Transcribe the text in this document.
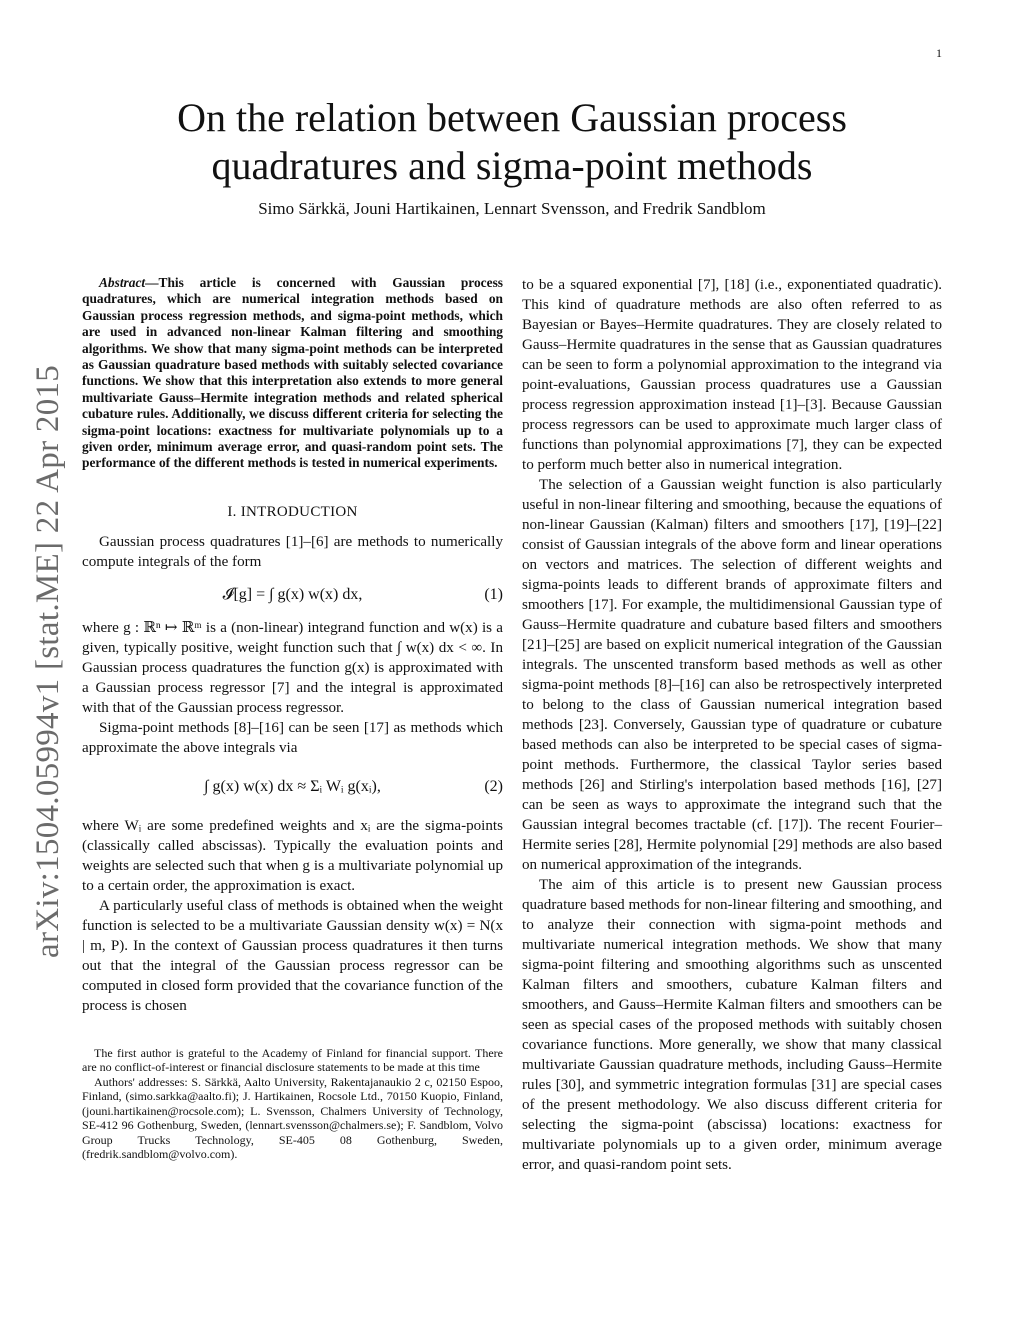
1
arXiv:1504.05994v1 [stat.ME] 22 Apr 2015
On the relation between Gaussian process
quadratures and sigma-point methods
Simo Särkkä, Jouni Hartikainen, Lennart Svensson, and Fredrik Sandblom

Abstract—This article is concerned with Gaussian process quadratures, which are numerical integration methods based on Gaussian process regression methods, and sigma-point methods, which are used in advanced non-linear Kalman filtering and smoothing algorithms. We show that many sigma-point methods can be interpreted as Gaussian quadrature based methods with suitably selected covariance functions. We show that this interpretation also extends to more general multivariate Gauss–Hermite integration methods and related spherical cubature rules. Additionally, we discuss different criteria for selecting the sigma-point locations: exactness for multivariate polynomials up to a given order, minimum average error, and quasi-random point sets. The performance of the different methods is tested in numerical experiments.

I. INTRODUCTION

Gaussian process quadratures [1]–[6] are methods to numerically compute integrals of the form

𝓘[g] = ∫ g(x) w(x) dx,	(1)

where g : ℝⁿ ↦ ℝᵐ is a (non-linear) integrand function and w(x) is a given, typically positive, weight function such that ∫ w(x) dx < ∞. In Gaussian process quadratures the function g(x) is approximated with a Gaussian process regressor [7] and the integral is approximated with that of the Gaussian process regressor.

Sigma-point methods [8]–[16] can be seen [17] as methods which approximate the above integrals via

∫ g(x) w(x) dx ≈ Σᵢ Wᵢ g(xᵢ),	(2)

where Wᵢ are some predefined weights and xᵢ are the sigma-points (classically called abscissas). Typically the evaluation points and weights are selected such that when g is a multivariate polynomial up to a certain order, the approximation is exact.

A particularly useful class of methods is obtained when the weight function is selected to be a multivariate Gaussian density w(x) = N(x | m, P). In the context of Gaussian process quadratures it then turns out that the integral of the Gaussian process regressor can be computed in closed form provided that the covariance function of the process is chosen

The first author is grateful to the Academy of Finland for financial support. There are no conflict-of-interest or financial disclosure statements to be made at this time

Authors' addresses: S. Särkkä, Aalto University, Rakentajanaukio 2 c, 02150 Espoo, Finland, (simo.sarkka@aalto.fi); J. Hartikainen, Rocsole Ltd., 70150 Kuopio, Finland, (jouni.hartikainen@rocsole.com); L. Svensson, Chalmers University of Technology, SE-412 96 Gothenburg, Sweden, (lennart.svensson@chalmers.se); F. Sandblom, Volvo Group Trucks Technology, SE-405 08 Gothenburg, Sweden, (fredrik.sandblom@volvo.com).

to be a squared exponential [7], [18] (i.e., exponentiated quadratic). This kind of quadrature methods are also often referred to as Bayesian or Bayes–Hermite quadratures. They are closely related to Gauss–Hermite quadratures in the sense that as Gaussian quadratures can be seen to form a polynomial approximation to the integrand via point-evaluations, Gaussian process quadratures use a Gaussian process regression approximation instead [1]–[3]. Because Gaussian process regressors can be used to approximate much larger class of functions than polynomial approximations [7], they can be expected to perform much better also in numerical integration.

The selection of a Gaussian weight function is also particularly useful in non-linear filtering and smoothing, because the equations of non-linear Gaussian (Kalman) filters and smoothers [17], [19]–[22] consist of Gaussian integrals of the above form and linear operations on vectors and matrices. The selection of different weights and sigma-points leads to different brands of approximate filters and smoothers [17]. For example, the multidimensional Gaussian type of Gauss–Hermite quadrature and cubature based filters and smoothers [21]–[25] are based on explicit numerical integration of the Gaussian integrals. The unscented transform based methods as well as other sigma-point methods [8]–[16] can also be retrospectively interpreted to belong to the class of Gaussian numerical integration based methods [23]. Conversely, Gaussian type of quadrature or cubature based methods can also be interpreted to be special cases of sigma-point methods. Furthermore, the classical Taylor series based methods [26] and Stirling's interpolation based methods [16], [27] can be seen as ways to approximate the integrand such that the Gaussian integral becomes tractable (cf. [17]). The recent Fourier–Hermite series [28], Hermite polynomial [29] methods are also based on numerical approximation of the integrands.

The aim of this article is to present new Gaussian process quadrature based methods for non-linear filtering and smoothing, and to analyze their connection with sigma-point methods and multivariate numerical integration methods. We show that many sigma-point filtering and smoothing algorithms such as unscented Kalman filters and smoothers, cubature Kalman filters and smoothers, and Gauss–Hermite Kalman filters and smoothers can be seen as special cases of the proposed methods with suitably chosen covariance functions. More generally, we show that many classical multivariate Gaussian quadrature methods, including Gauss–Hermite rules [30], and symmetric integration formulas [31] are special cases of the present methodology. We also discuss different criteria for selecting the sigma-point (abscissa) locations: exactness for multivariate polynomials up to a given order, minimum average error, and quasi-random point sets.
